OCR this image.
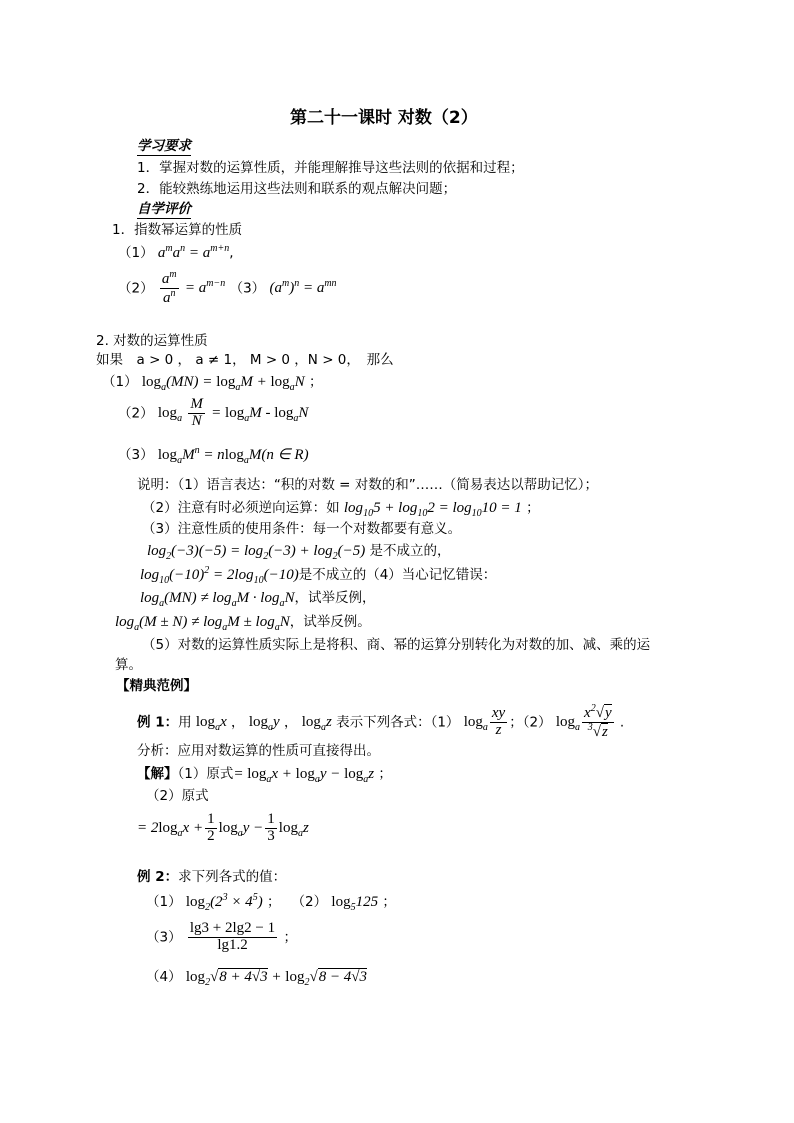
第二十一课时 对数（2）
学习要求
1．掌握对数的运算性质，并能理解推导这些法则的依据和过程；
2．能较熟练地运用这些法则和联系的观点解决问题；
自学评价
1．指数幂运算的性质
（1） $a^ma^n = a^{m+n}$,
$(2) \frac{a^m}{a^n} = a^{m-n}$ （3） $(a^m)^n = a^{mn}$
2. 对数的运算性质
如果　a > 0 ， a ≠ 1， M > 0 ，N > 0，　那么
（1） $\log_a(MN) = \log_aM + \log_aN$ ；
（2） $\log_a \frac{M}{N} = \log_aM - \log_aN$
（3） $\log_aM^n = nlog_aM(n$ ∈ R)
说明：（1）语言表达：“积的对数 = 对数的和”……（简易表达以帮助记忆）；
（2）注意有时必须逆向运算：如 $\log_{10}5 + \log_{10}2 = \log_{10}10 = 1$ ；
（3）注意性质的使用条件：每一个对数都要有意义。
$\log_2(-3)(-5) = \log_2(-3) + \log_2(-5)$ 是不成立的，
$\log_{10}(-10)^2 = 2\log_{10}(-10)$是不成立的（4）当心记忆错误：
$\log_a(MN) \ne \log_aM \cdot \log_aN$，试举反例，
$\log_a(M \pm N) \ne \log_aM \pm \log_aN$，试举反例。
（5）对数的运算性质实际上是将积、商、幂的运算分别转化为对数的加、减、乘的运
算。
【精典范例】
例 1：用 $\log_ax$ ， $\log_ay$ ， $\log_az$ 表示下列各式：（1） $\log_a \frac{xy}{z}$ ；（2） $\log_a \frac{x^2√y}{^3√z}$ .
分析：应用对数运算的性质可直接得出。
【解】（1）原式= $\log_ax + \log_ay - \log_az$ ；
（2）原式
= $2\log_ax + \frac{1}{2} \log_ay - \frac{1}{3} \log_az$
例 2：求下列各式的值：
（1） $\log_2(2^3 \times 4^5)$ ；　 （2） $\log_5125$ ；
$(3) \frac{\lg 3 + 2\lg 2 - 1}{\lg 1.2}$ ；
（4） $\log_2√8 + 4√3 + \log_2√8 - 4√3$
